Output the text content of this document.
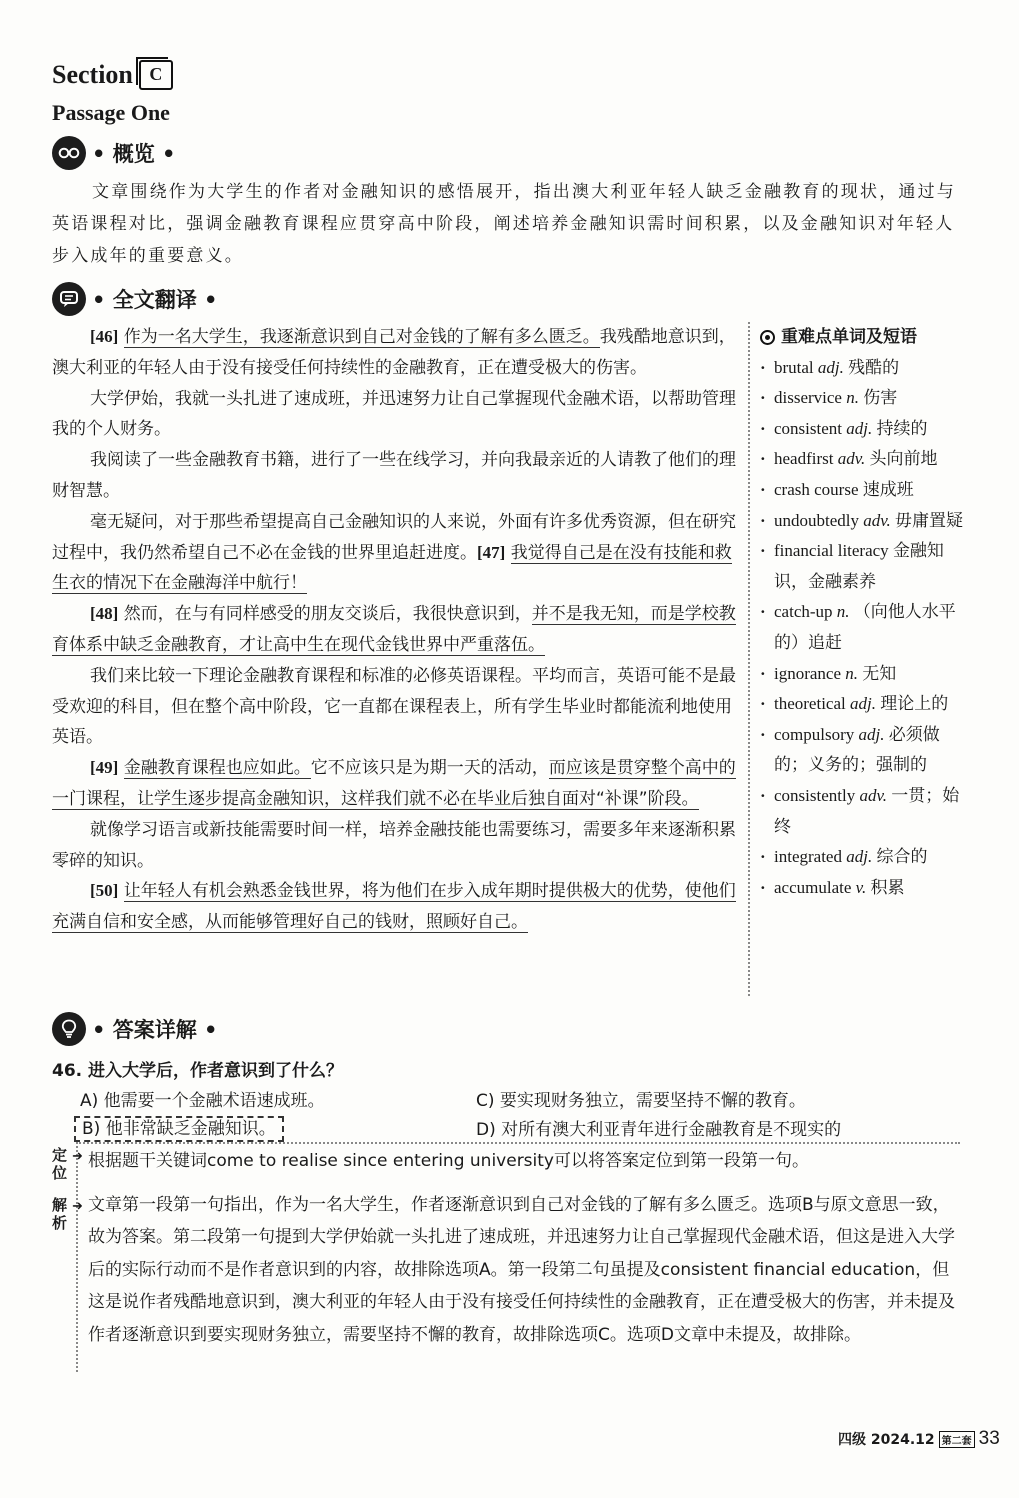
Section C
Passage One
• 概览 •
文章围绕作为大学生的作者对金融知识的感悟展开，指出澳大利亚年轻人缺乏金融教育的现状，通过与英语课程对比，强调金融教育课程应贯穿高中阶段，阐述培养金融知识需时间积累，以及金融知识对年轻人步入成年的重要意义。
• 全文翻译 •

[46] 作为一名大学生，我逐渐意识到自己对金钱的了解有多么匮乏。我残酷地意识到，澳大利亚的年轻人由于没有接受任何持续性的金融教育，正在遭受极大的伤害。

大学伊始，我就一头扎进了速成班，并迅速努力让自己掌握现代金融术语，以帮助管理我的个人财务。

我阅读了一些金融教育书籍，进行了一些在线学习，并向我最亲近的人请教了他们的理财智慧。

毫无疑问，对于那些希望提高自己金融知识的人来说，外面有许多优秀资源，但在研究过程中，我仍然希望自己不必在金钱的世界里追赶进度。[47] 我觉得自己是在没有技能和救生衣的情况下在金融海洋中航行！

[48] 然而，在与有同样感受的朋友交谈后，我很快意识到，并不是我无知，而是学校教育体系中缺乏金融教育，才让高中生在现代金钱世界中严重落伍。

我们来比较一下理论金融教育课程和标准的必修英语课程。平均而言，英语可能不是最受欢迎的科目，但在整个高中阶段，它一直都在课程表上，所有学生毕业时都能流利地使用英语。

[49] 金融教育课程也应如此。它不应该只是为期一天的活动，而应该是贯穿整个高中的一门课程，让学生逐步提高金融知识，这样我们就不必在毕业后独自面对“补课”阶段。

就像学习语言或新技能需要时间一样，培养金融技能也需要练习，需要多年来逐渐积累零碎的知识。

[50] 让年轻人有机会熟悉金钱世界，将为他们在步入成年期时提供极大的优势，使他们充满自信和安全感，从而能够管理好自己的钱财，照顾好自己。

重难点单词及短语
· brutal adj. 残酷的
· disservice n. 伤害
· consistent adj. 持续的
· headfirst adv. 头向前地
· crash course 速成班
· undoubtedly adv. 毋庸置疑
· financial literacy 金融知识，金融素养
· catch-up n. （向他人水平的）追赶
· ignorance n. 无知
· theoretical adj. 理论上的
· compulsory adj. 必须做的；义务的；强制的
· consistently adv. 一贯；始终
· integrated adj. 综合的
· accumulate v. 积累
• 答案详解 •
46. 进入大学后，作者意识到了什么？
A) 他需要一个金融术语速成班。	C) 要实现财务独立，需要坚持不懈的教育。
B) 他非常缺乏金融知识。	D) 对所有澳大利亚青年进行金融教育是不现实的
定位
➜ 根据题干关键词come to realise since entering university可以将答案定位到第一段第一句。
解析
➜ 文章第一段第一句指出，作为一名大学生，作者逐渐意识到自己对金钱的了解有多么匮乏。选项B与原文意思一致，故为答案。第二段第一句提到大学伊始就一头扎进了速成班，并迅速努力让自己掌握现代金融术语，但这是进入大学后的实际行动而不是作者意识到的内容，故排除选项A。第一段第二句虽提及consistent financial education，但这是说作者残酷地意识到，澳大利亚的年轻人由于没有接受任何持续性的金融教育，正在遭受极大的伤害，并未提及作者逐渐意识到要实现财务独立，需要坚持不懈的教育，故排除选项C。选项D文章中未提及，故排除。
四级 2024.12 第二套 33
